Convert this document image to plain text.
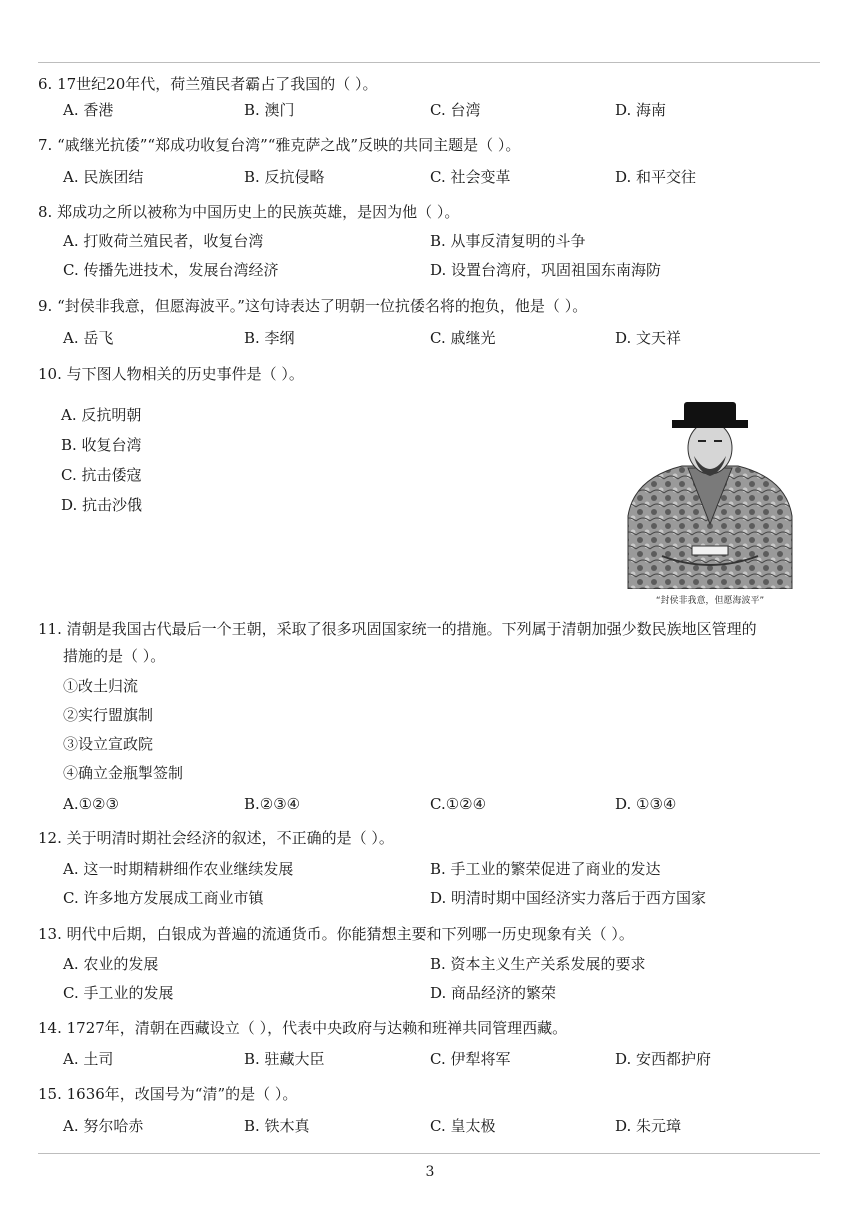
6. 17世纪20年代，荷兰殖民者霸占了我国的（ ）。
A. 香港	B. 澳门	C. 台湾	D. 海南
7. “戚继光抗倭”“郑成功收复台湾”“雅克萨之战”反映的共同主题是（ ）。
A. 民族团结	B. 反抗侵略	C. 社会变革	D. 和平交往
8. 郑成功之所以被称为中国历史上的民族英雄，是因为他（ ）。
A. 打败荷兰殖民者，收复台湾	B. 从事反清复明的斗争
C. 传播先进技术，发展台湾经济	D. 设置台湾府，巩固祖国东南海防
9. “封侯非我意，但愿海波平。”这句诗表达了明朝一位抗倭名将的抱负，他是（ ）。
A. 岳飞	B. 李纲	C. 戚继光	D. 文天祥
10. 与下图人物相关的历史事件是（ ）。
A. 反抗明朝
B. 收复台湾
C. 抗击倭寇
D. 抗击沙俄
“封侯非我意，但愿海波平”
11. 清朝是我国古代最后一个王朝，采取了很多巩固国家统一的措施。下列属于清朝加强少数民族地区管理的
措施的是（ ）。
①改土归流
②实行盟旗制
③设立宣政院
④确立金瓶掣签制
A.①②③	B.②③④	C.①②④	D. ①③④
12. 关于明清时期社会经济的叙述，不正确的是（ ）。
A. 这一时期精耕细作农业继续发展	B. 手工业的繁荣促进了商业的发达
C. 许多地方发展成工商业市镇	D. 明清时期中国经济实力落后于西方国家
13. 明代中后期，白银成为普遍的流通货币。你能猜想主要和下列哪一历史现象有关（ ）。
A. 农业的发展	B. 资本主义生产关系发展的要求
C. 手工业的发展	D. 商品经济的繁荣
14. 1727年，清朝在西藏设立（ ），代表中央政府与达赖和班禅共同管理西藏。
A. 土司	B. 驻藏大臣	C. 伊犁将军	D. 安西都护府
15. 1636年，改国号为“清”的是（ ）。
A. 努尔哈赤	B. 铁木真	C. 皇太极	D. 朱元璋
3
